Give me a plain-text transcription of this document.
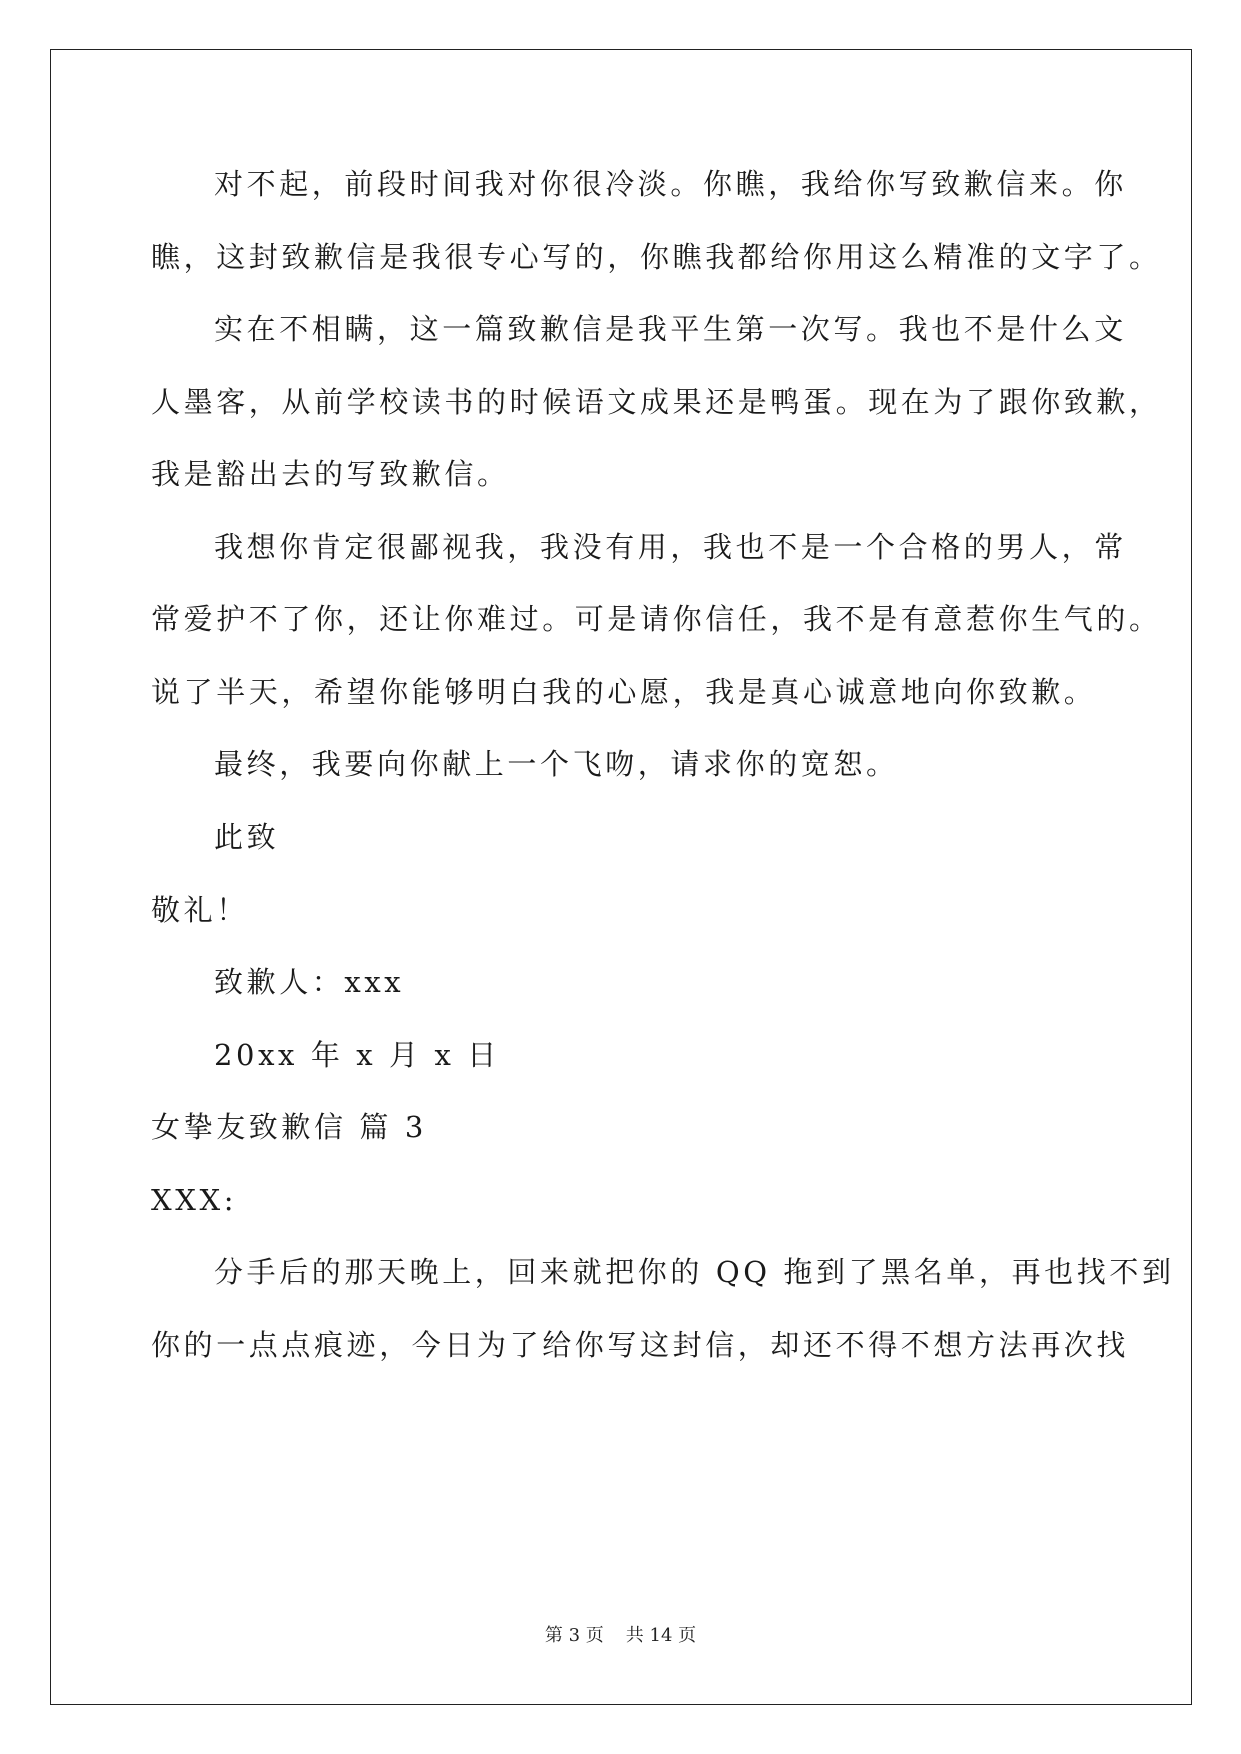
对不起，前段时间我对你很冷淡。你瞧，我给你写致歉信来。你
瞧，这封致歉信是我很专心写的，你瞧我都给你用这么精准的文字了。
实在不相瞒，这一篇致歉信是我平生第一次写。我也不是什么文
人墨客，从前学校读书的时候语文成果还是鸭蛋。现在为了跟你致歉，
我是豁出去的写致歉信。
我想你肯定很鄙视我，我没有用，我也不是一个合格的男人，常
常爱护不了你，还让你难过。可是请你信任，我不是有意惹你生气的。
说了半天，希望你能够明白我的心愿，我是真心诚意地向你致歉。
最终，我要向你献上一个飞吻，请求你的宽恕。
此致
敬礼！
致歉人：xxx
20xx 年 x 月 x 日
女挚友致歉信 篇 3
XXX:
分手后的那天晚上，回来就把你的 QQ 拖到了黑名单，再也找不到
你的一点点痕迹，今日为了给你写这封信，却还不得不想方法再次找
第 3 页 共 14 页
